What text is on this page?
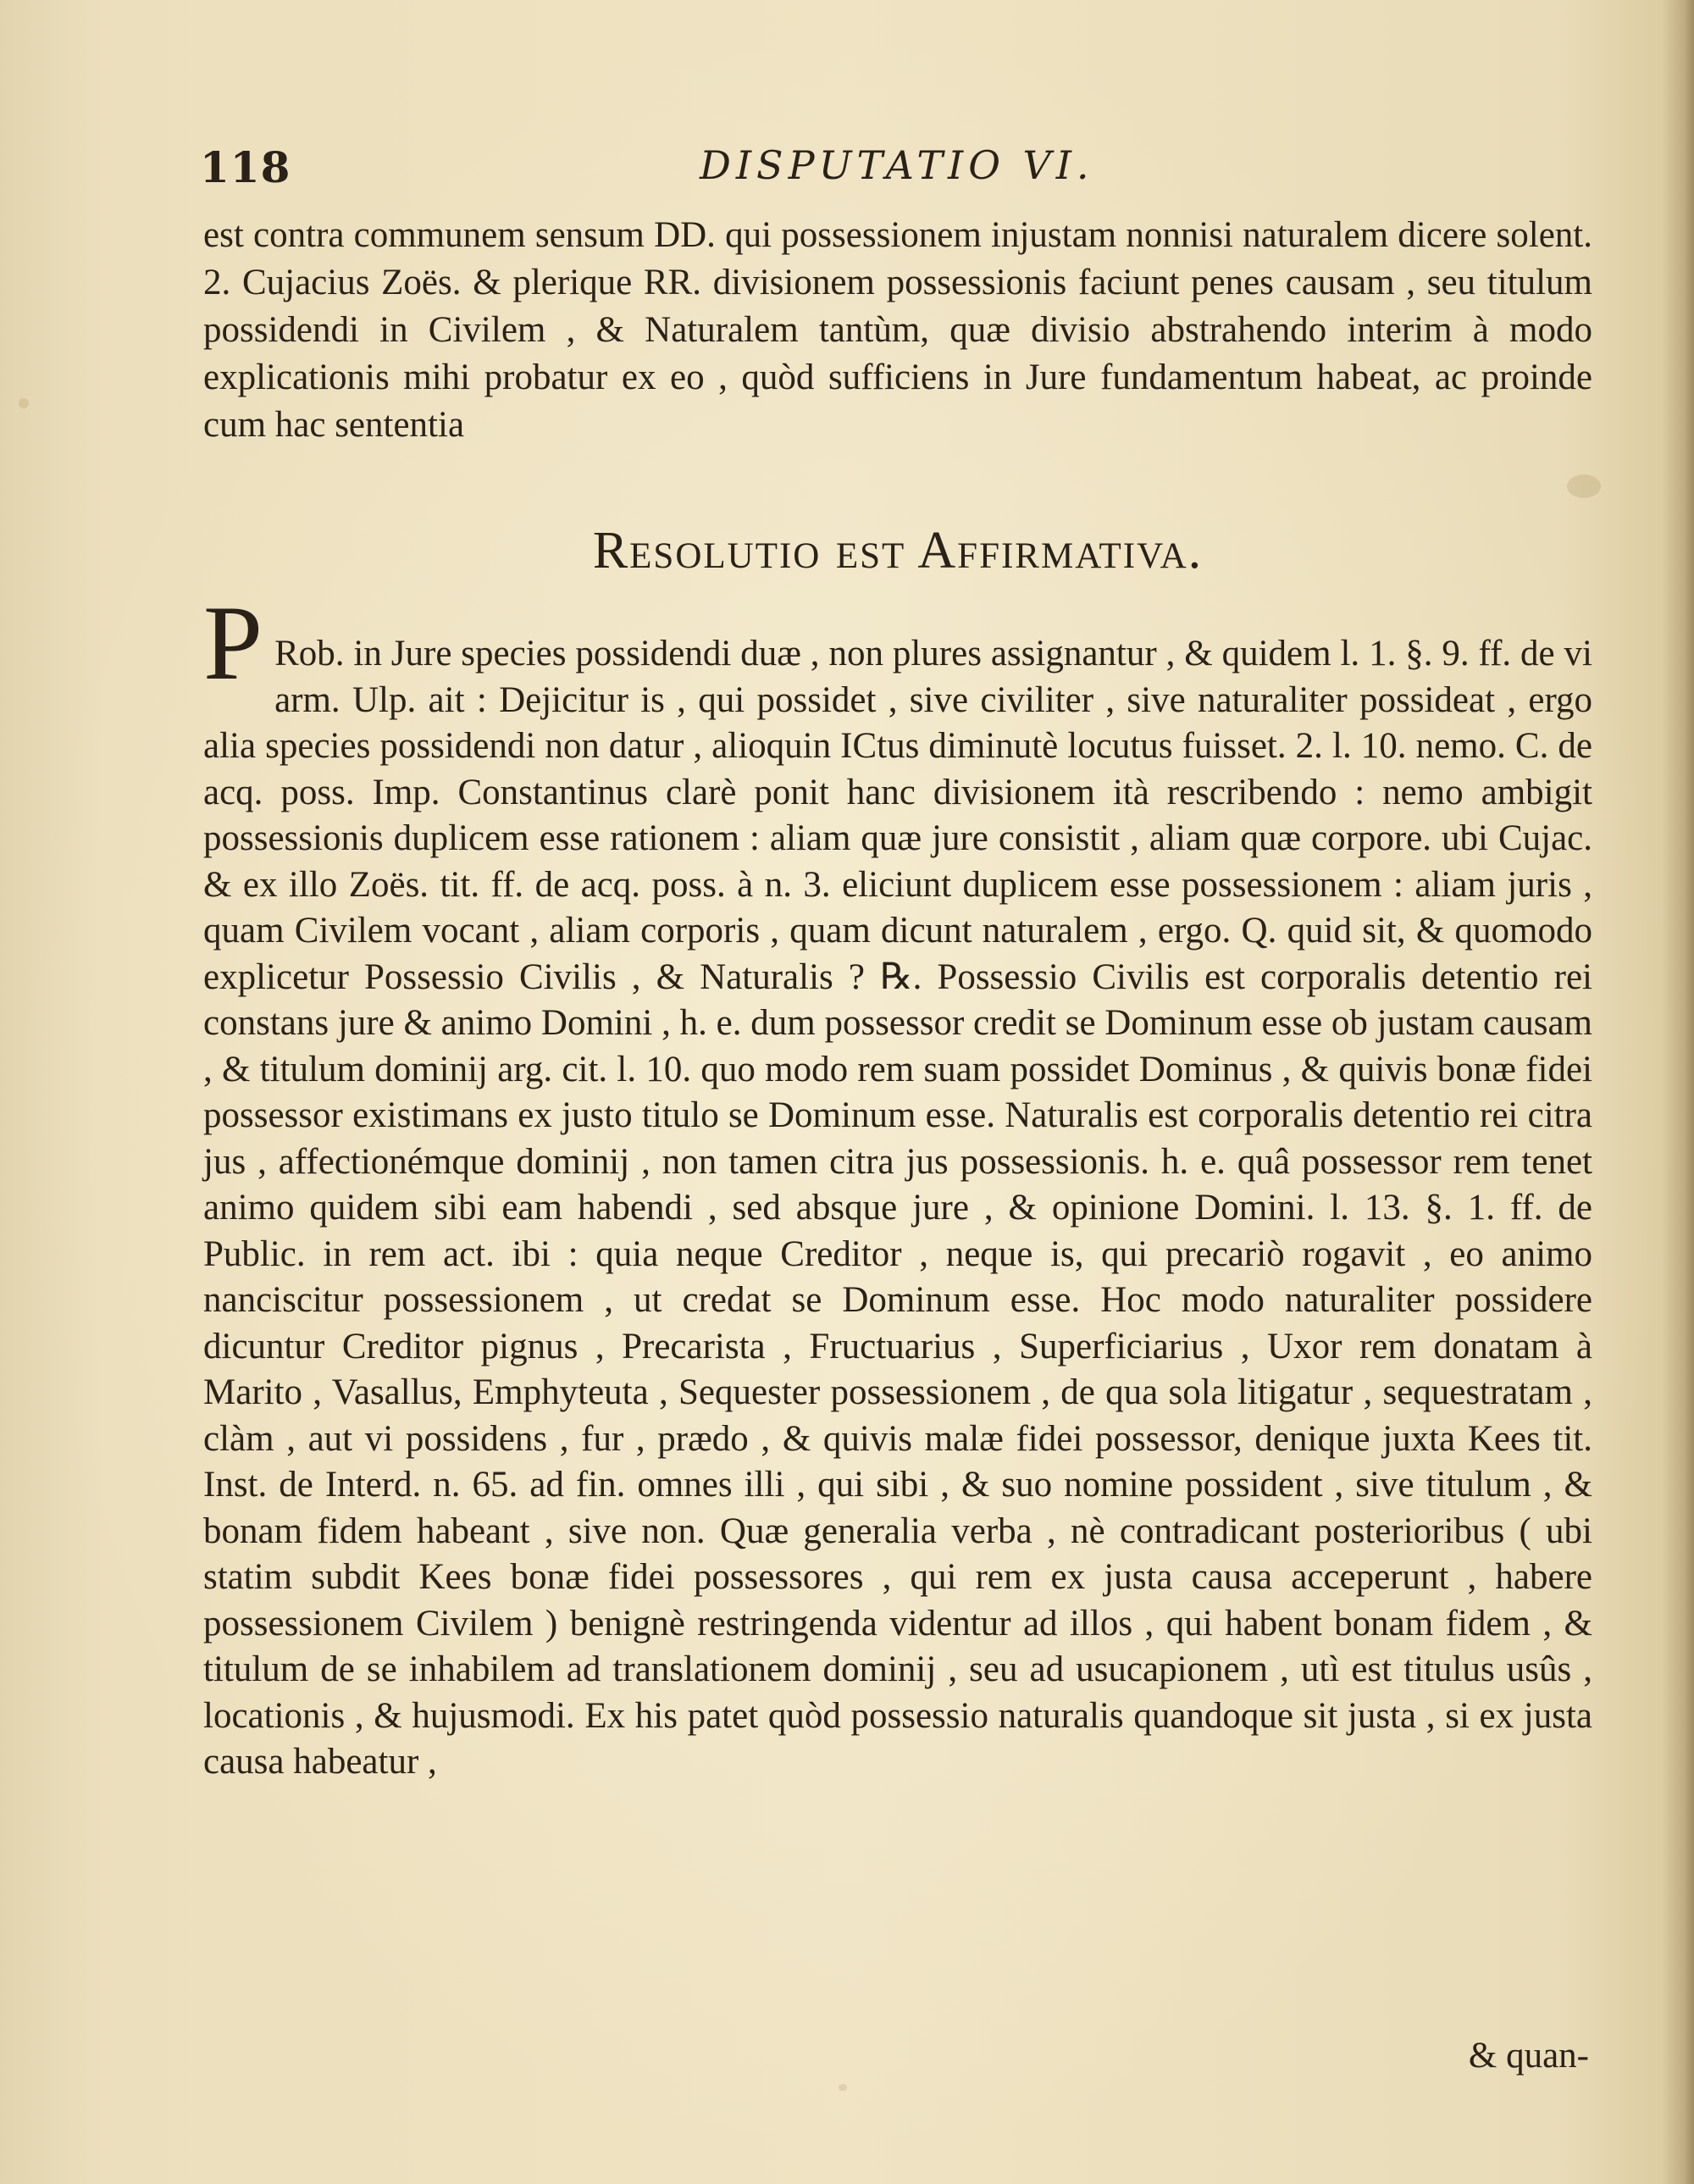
118	DISPUTATIO VI.

est contra communem sensum DD. qui possessionem injustam nonnisi naturalem dicere solent. 2. Cujacius Zoës. & plerique RR. divisionem possessionis faciunt penes causam , seu titulum possidendi in Civilem , & Naturalem tantùm, quæ divisio abstrahendo interim à modo explicationis mihi probatur ex eo , quòd sufficiens in Jure fundamentum habeat, ac proinde cum hac sententia

Resolutio est Affirmativa.
P Rob. in Jure species possidendi duæ , non plures assignantur , & quidem l. 1. §. 9. ff. de vi arm. Ulp. ait : Dejicitur is , qui possidet , sive civiliter , sive naturaliter possideat , ergo alia species possidendi non datur , alioquin ICtus diminutè locutus fuisset. 2. l. 10. nemo. C. de acq. poss. Imp. Constantinus clarè ponit hanc divisionem ità rescribendo : nemo ambigit possessionis duplicem esse rationem : aliam quæ jure consistit , aliam quæ corpore. ubi Cujac. & ex illo Zoës. tit. ff. de acq. poss. à n. 3. eliciunt duplicem esse possessionem : aliam juris , quam Civilem vocant , aliam corporis , quam dicunt naturalem , ergo. Q. quid sit, & quomodo explicetur Possessio Civilis , & Naturalis ? ℞. Possessio Civilis est corporalis detentio rei constans jure & animo Domini , h. e. dum possessor credit se Dominum esse ob justam causam , & titulum dominij arg. cit. l. 10. quo modo rem suam possidet Dominus , & quivis bonæ fidei possessor existimans ex justo titulo se Dominum esse. Naturalis est corporalis detentio rei citra jus , affectionémque dominij , non tamen citra jus possessionis. h. e. quâ possessor rem tenet animo quidem sibi eam habendi , sed absque jure , & opinione Domini. l. 13. §. 1. ff. de Public. in rem act. ibi : quia neque Creditor , neque is, qui precariò rogavit , eo animo nanciscitur possessionem , ut credat se Dominum esse. Hoc modo naturaliter possidere dicuntur Creditor pignus , Precarista , Fructuarius , Superficiarius , Uxor rem donatam à Marito , Vasallus, Emphyteuta , Sequester possessionem , de qua sola litigatur , sequestratam , clàm , aut vi possidens , fur , prædo , & quivis malæ fidei possessor, denique juxta Kees tit. Inst. de Interd. n. 65. ad fin. omnes illi , qui sibi , & suo nomine possident , sive titulum , & bonam fidem habeant , sive non. Quæ generalia verba , nè contradicant posterioribus ( ubi statim subdit Kees bonæ fidei possessores , qui rem ex justa causa acceperunt , habere possessionem Civilem ) benignè restringenda videntur ad illos , qui habent bonam fidem , & titulum de se inhabilem ad translationem dominij , seu ad usucapionem , utì est titulus usûs , locationis , & hujusmodi. Ex his patet quòd possessio naturalis quandoque sit justa , si ex justa causa habeatur ,

& quan-
